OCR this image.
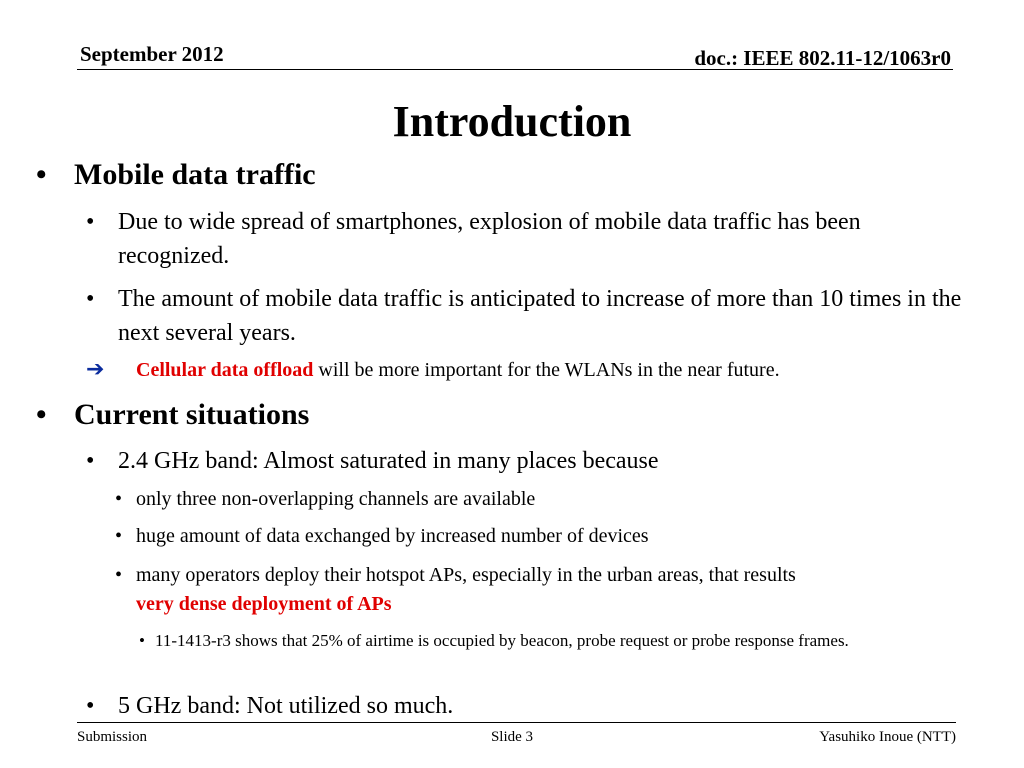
September 2012	doc.: IEEE 802.11-12/1063r0
Introduction
• Mobile data traffic
• Due to wide spread of smartphones, explosion of mobile data traffic has been recognized.
• The amount of mobile data traffic is anticipated to increase of more than 10 times in the next several years.
➔ Cellular data offload will be more important for the WLANs in the near future.
• Current situations
• 2.4 GHz band: Almost saturated in many places because
• only three non-overlapping channels are available
• huge amount of data exchanged by increased number of devices
• many operators deploy their hotspot APs, especially in the urban areas, that results
very dense deployment of APs
• 11-1413-r3 shows that 25% of airtime is occupied by beacon, probe request or probe response frames.
• 5 GHz band: Not utilized so much.
Submission	Slide 3	Yasuhiko Inoue (NTT)
